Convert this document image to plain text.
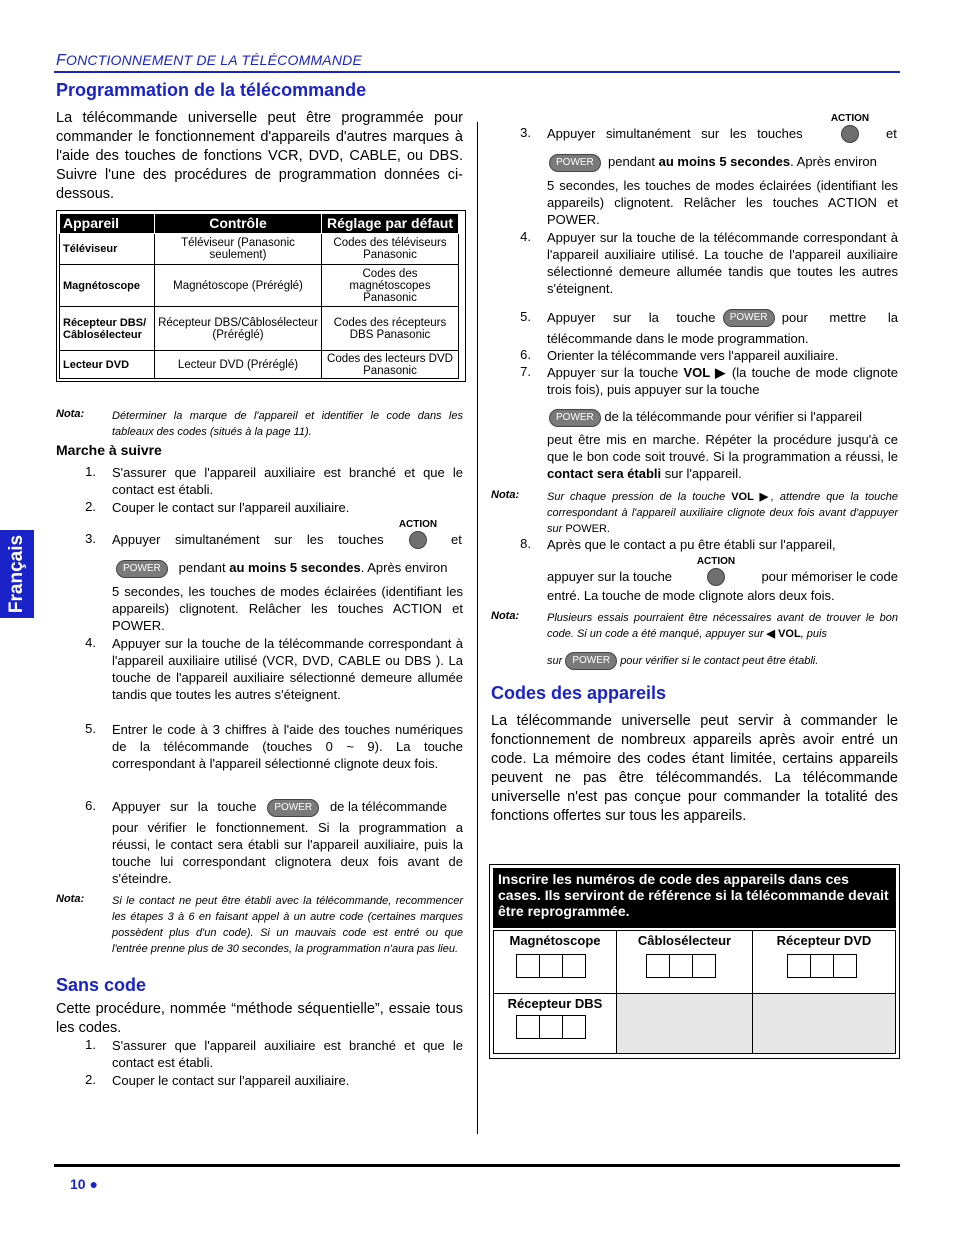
FONCTIONNEMENT DE LA TÉLÉCOMMANDE
Français
Programmation de la télécommande
La télécommande universelle peut être programmée pour commander le fonctionnement d'appareils d'autres marques à l'aide des touches de fonctions VCR, DVD, CABLE, ou DBS. Suivre l'une des procédures de programmation données ci-dessous.
Appareil	Contrôle	Réglage par défaut
Téléviseur	Téléviseur (Panasonic seulement)	Codes des téléviseurs Panasonic
Magnétoscope	Magnétoscope (Préréglé)	Codes des magnétoscopes Panasonic
Récepteur DBS/ Câblosélecteur	Récepteur DBS/Câblosélecteur (Préréglé)	Codes des récepteurs DBS Panasonic
Lecteur DVD	Lecteur DVD (Préréglé)	Codes des lecteurs DVD Panasonic
Nota:	Déterminer la marque de l'appareil et identifier le code dans les tableaux des codes (situés à la page 11).
Marche à suivre
1. S'assurer que l'appareil auxiliaire est branché et que le contact est établi.
2. Couper le contact sur l'appareil auxiliaire.
3. Appuyer simultanément sur les touches
ACTION
et
POWER pendant au moins 5 secondes. Après environ
5 secondes, les touches de modes éclairées (identifiant les appareils) clignotent. Relâcher les touches ACTION et POWER.
4. Appuyer sur la touche de la télécommande correspondant à l'appareil auxiliaire utilisé (VCR, DVD, CABLE ou DBS ). La touche de l'appareil auxiliaire sélectionné demeure allumée tandis que toutes les autres s'éteignent.
5. Entrer le code à 3 chiffres à l'aide des touches numériques de la télécommande (touches 0 ~ 9). La touche correspondant à l'appareil sélectionné clignote deux fois.
6. Appuyer sur la touche POWER de la télécommande
pour vérifier le fonctionnement. Si la programmation a réussi, le contact sera établi sur l'appareil auxiliaire, puis la touche lui correspondant clignotera deux fois avant de s'éteindre.
Nota:	Si le contact ne peut être établi avec la télécommande, recommencer les étapes 3 à 6 en faisant appel à un autre code (certaines marques possèdent plus d'un code). Si un mauvais code est entré ou que l'entrée prenne plus de 30 secondes, la programmation n'aura pas lieu.
Sans code
Cette procédure, nommée “méthode séquentielle”, essaie tous les codes.
1. S'assurer que l'appareil auxiliaire est branché et que le contact est établi.
2. Couper le contact sur l'appareil auxiliaire.
3. Appuyer simultanément sur les touches
ACTION
et
POWER pendant au moins 5 secondes. Après environ
5 secondes, les touches de modes éclairées (identifiant les appareils) clignotent. Relâcher les touches ACTION et POWER.
4. Appuyer sur la touche de la télécommande correspondant à l'appareil auxiliaire utilisé. La touche de l'appareil auxiliaire sélectionné demeure allumée tandis que toutes les autres s'éteignent.
5. Appuyer sur la touche	POWER	pour mettre la
télécommande dans le mode programmation.
6. Orienter la télécommande vers l'appareil auxiliaire.
7. Appuyer sur la touche VOL ▶ (la touche de mode clignote trois fois), puis appuyer sur la touche
POWER de la télécommande pour vérifier si l'appareil
peut être mis en marche. Répéter la procédure jusqu'à ce que le bon code soit trouvé. Si la programmation a réussi, le contact sera établi sur l'appareil.
Nota:	Sur chaque pression de la touche VOL ▶, attendre que la touche correspondant à l'appareil auxiliaire clignote deux fois avant d'appuyer sur POWER.
8. Après que le contact a pu être établi sur l'appareil,
appuyer sur la touche
ACTION
pour mémoriser le code
entré. La touche de mode clignote alors deux fois.
Nota:	Plusieurs essais pourraient être nécessaires avant de trouver le bon code. Si un code a été manqué, appuyer sur ◀ VOL, puis
sur POWER pour vérifier si le contact peut être établi.
Codes des appareils
La télécommande universelle peut servir à commander le fonctionnement de nombreux appareils après avoir entré un code. La mémoire des codes étant limitée, certains appareils peuvent ne pas être télécommandés. La télécommande universelle n'est pas conçue pour commander la totalité des fonctions offertes sur tous les appareils.
Inscrire les numéros de code des appareils dans ces cases. Ils serviront de référence si la télécommande devait être reprogrammée.
Magnétoscope	Câblosélecteur	Récepteur DVD
Récepteur DBS
10 ●
